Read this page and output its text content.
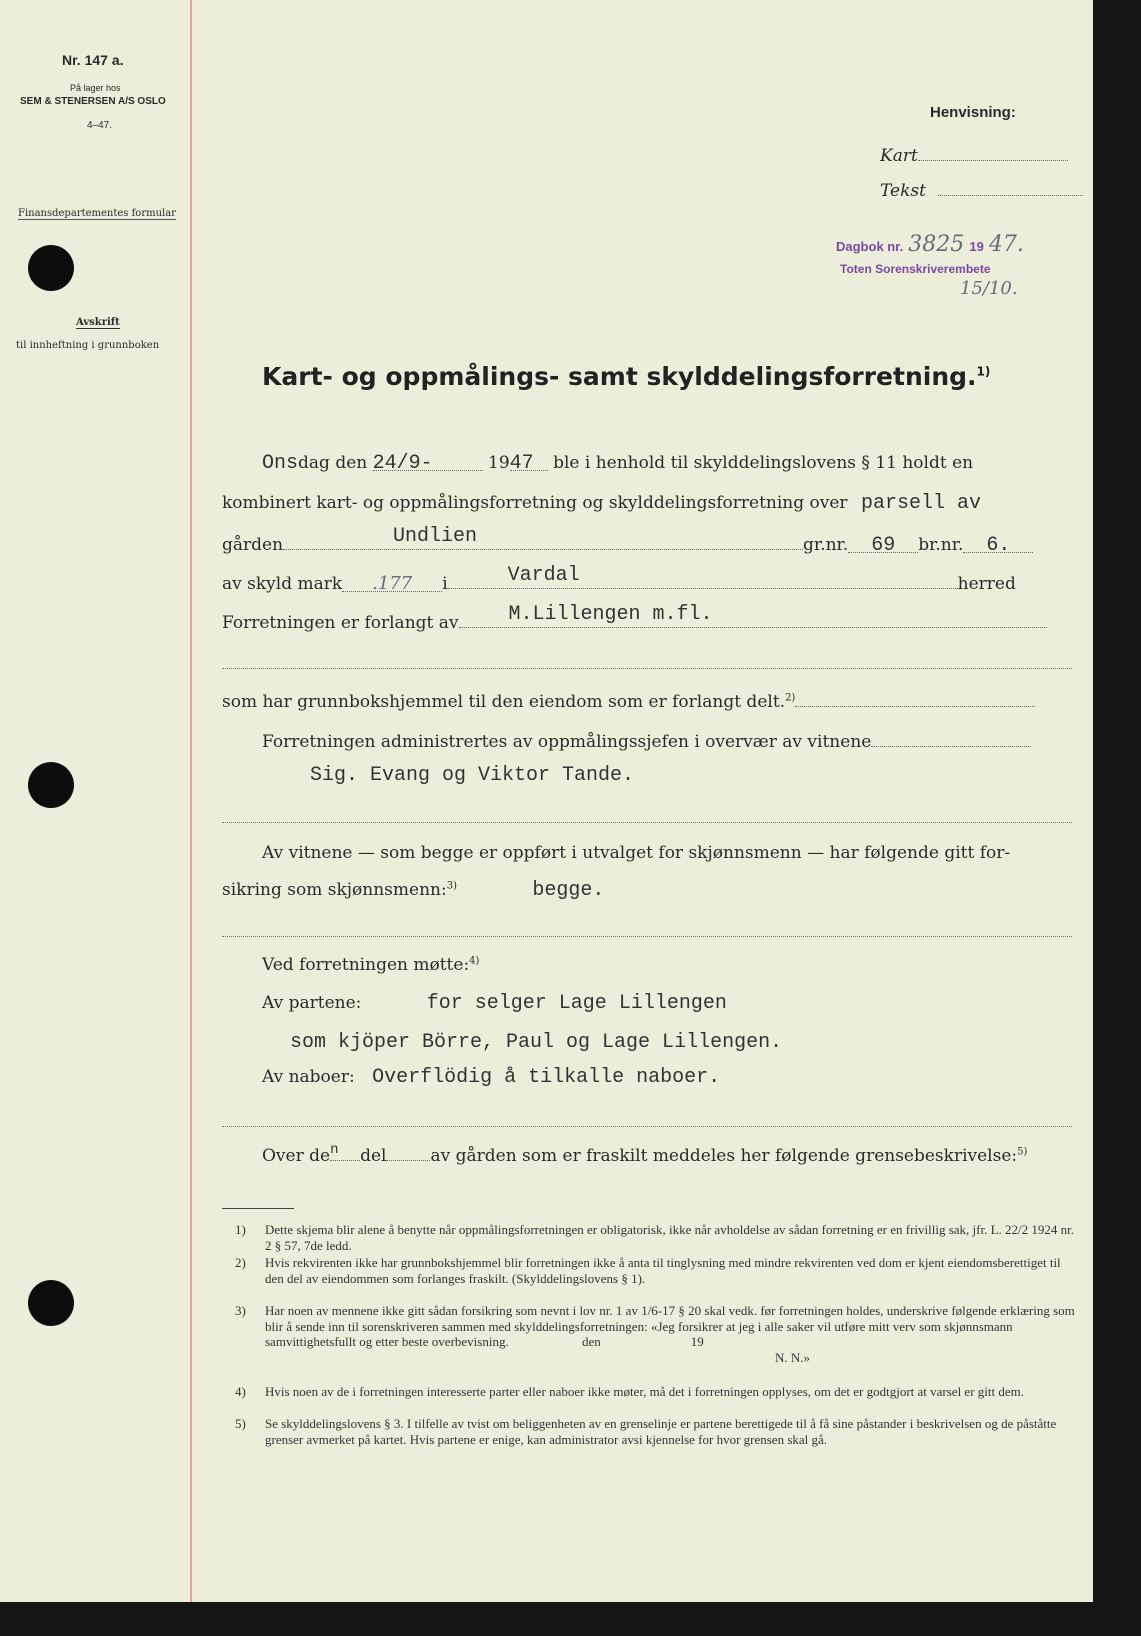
Nr. 147 a.
På lager hos
SEM & STENERSEN A/S OSLO
4–47.
Finansdepartementes formular
Avskrift
til innheftning i grunnboken
Henvisning:
Kart
Tekst
Dagbok nr. 3825 19 47.
Toten Sorenskriverembete
15/10.
Kart- og oppmålings- samt skylddelingsforretning.$^{1)}$
Onsdag den 24/9-	1947 ble i henhold til skylddelingslovens § 11 holdt en
kombinert kart- og oppmålingsforretning og skylddelingsforretning over parsell av
gården	Undlien	gr.nr. 69 br.nr. 6.
av skyld mark .177 i	Vardal	herred
Forretningen er forlangt av	M.Lillengen m.fl.
som har grunnbokshjemmel til den eiendom som er forlangt delt.$^{2)}$
Forretningen administrertes av oppmålingssjefen i overvær av vitnene
Sig. Evang og Viktor Tande.
Av vitnene — som begge er oppført i utvalget for skjønnsmenn — har følgende gitt for-
sikring som skjønnsmenn:$^{3)}$	begge.
Ved forretningen møtte:$^{4)}$
Av partene:	for selger Lage Lillengen
som kjöper Börre, Paul og Lage Lillengen.
Av naboer: Overflödig å tilkalle naboer.
Over den del	av gården som er fraskilt meddeles her følgende grensebeskrivelse:$^{5)}$
1) Dette skjema blir alene å benytte når oppmålingsforretningen er obligatorisk, ikke når avholdelse av sådan forretning er en frivillig sak, jfr. L. 22/2 1924 nr. 2 § 57, 7de ledd.
2) Hvis rekvirenten ikke har grunnbokshjemmel blir forretningen ikke å anta til tinglysning med mindre rekvirenten ved dom er kjent eiendomsberettiget til den del av eiendommen som forlanges fraskilt. (Skylddelingslovens § 1).
3) Har noen av mennene ikke gitt sådan forsikring som nevnt i lov nr. 1 av 1/6-17 § 20 skal vedk. før forretningen holdes, underskrive følgende erklæring som blir å sende inn til sorenskriveren sammen med skylddelingsforretningen: «Jeg forsikrer at jeg i alle saker vil utføre mitt verv som skjønnsmann samvittighetsfullt og etter beste overbevisning.	den	19
N. N.»
4) Hvis noen av de i forretningen interesserte parter eller naboer ikke møter, må det i forretningen opplyses, om det er godtgjort at varsel er gitt dem.
5) Se skylddelingslovens § 3. I tilfelle av tvist om beliggenheten av en grenselinje er partene berettigede til å få sine påstander i beskrivelsen og de påståtte grenser avmerket på kartet. Hvis partene er enige, kan administrator avsi kjennelse for hvor grensen skal gå.
